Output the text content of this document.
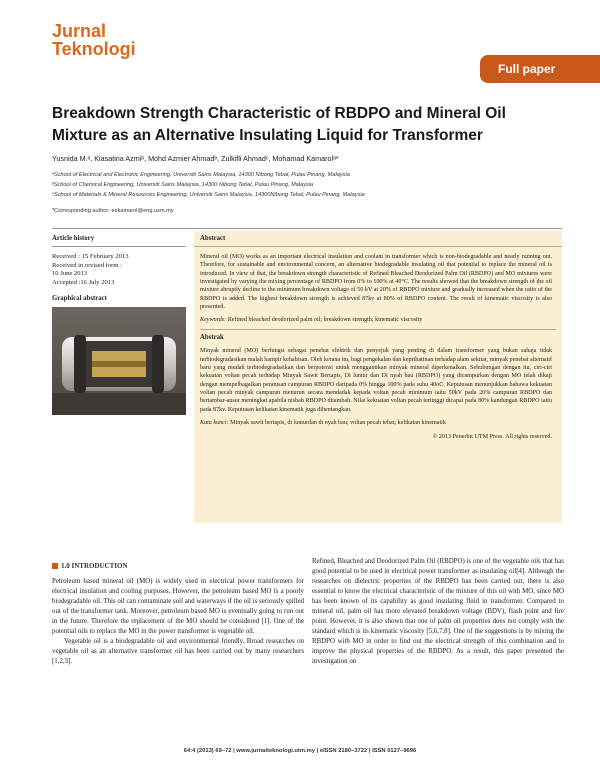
Jurnal
Teknologi
Full paper
Breakdown Strength Characteristic of RBDPO and Mineral Oil Mixture as an Alternative Insulating Liquid for Transformer
Yusnida M.ᵃ, Kiasatina Azmiᵇ, Mohd Azmier Ahmadᵇ, Zulkifli Ahmadᶜ, Mohamad Kamarolᵃ*
ᵃSchool of Electrical and Electronic Engineering, Universiti Sains Malaysia, 14300 Nibong Tebal, Pulau Pinang, Malaysia
ᵇSchool of Chemical Engineering, Universiti Sains Malaysia, 14300 Nibong Tebal, Pulau Pinang, Malaysia
ᶜSchool of Materials & Mineral Resources Engineering, Universiti Sains Malaysia, 14300Nibong Tebal, Pulau Pinang, Malaysia
*Corresponding author: eekamarol@eng.usm.my
Article history
Received : 15 February 2013
Received in revised form :
10 June 2013
Accepted :16 July 2013
Graphical abstract
Abstract
Mineral oil (MO) works as an important electrical insulation and coolant in transformer which is non-biodegradable and nearly running out. Therefore, for sustainable and environmental concern, an alternative biodegradable insulating oil that potential to replace the mineral oil is introduced. In view of that, the breakdown strength characteristic of Refined Bleached Deodorized Palm Oil (RBDPO) and MO mixtures were investigated by varying the mixing percentage of RBDPO from 0% to 100% at 40°C. The results showed that the breakdown strength of the oil mixture abruptly decline to the minimum breakdown voltage of 50 kV at 20% of RBDPO mixture and gradually increased when the ratio of the RBDPO is added. The highest breakdown strength is achieved 87kv at 80% of RBDPO content. The result of kinematic viscosity is also presented.
Keywords: Refined bleached deodorized palm oil; breakdown strength; kinematic viscosity
Abstrak
Minyak mineral (MO) berfungsi sebagai penebat elektrik dan penyejuk yang penting di dalam transformer yang bukan sahaja tidak terbiodegradasikan malah hampir kehabisan. Oleh kerana itu, bagi pengekalan dan keprihatinan terhadap alam sekitar, minyak penebat alternatif baru yang mudah terbiodegradasikan dan berpotensi untuk menggantikan minyak mineral diperkenalkan. Sehubungan dengan itu, ciri-ciri kekuatan voltan pecah terhadap Minyak Sawit Bertapis, Di luntur dan Di nyah bau (RBDPO) yang dicampurkan dengan MO telah dikaji dengan mempelbagaikan peratusan campuran RBDPO daripada 0% hingga 100% pada suhu 40oC. Keputusan menunjukkan bahawa kekuatan voltan pecah minyak campuran menurun secara mendadak kepada voltan pecah minimum iaitu 50kV pada 20% campuran RBDPO dan bertambar-ansur meningkat apabila nisbah RBDPO ditambah. Nilai kekuatan voltan pecah tertinggi dicapai pada 80% kandungan RBDPO iaitu pada 87kv. Keputusan kelikatan kinematik juga dibentangkan.
Kata kunci: Minyak sawit bertapis, di lunturdan di nyah bau; voltan pecah tebat; kelikatan kinematik
© 2013 Penerbit UTM Press. All rights reserved.
1.0 INTRODUCTION

Petroleum based mineral oil (MO) is widely used in electrical power transformers for electrical insulation and cooling purposes. However, the petroleum based MO is a poorly biodegradable oil. This oil can contaminate soil and waterways if the oil is seriously spilled out of the transformer tank. Moreover, petroleum based MO is eventually going to run out in the future. Therefore the replacement of the MO should be considered [1]. One of the potential oils to replace the MO in the power transformer is vegetable oil.

Vegetable oil is a biodegradable oil and environmental friendly. Broad researches on vegetable oil as an alternative transformer oil has been carried out by many researchers [1,2,3].

Refined, Bleached and Deodorized Palm Oil (RBDPO) is one of the vegetable oils that has good potential to be used in electrical power transformer as insulating oil[4]. Although the researches on dielectric properties of the RBDPO has been carried out, there is also essential to know the electrical characteristic of the mixture of this oil with MO, since MO has been known of its capability as good insulating fluid in transformer. Compared to mineral oil, palm oil has more elevated breakdown voltage (BDV), flash point and fire point. However, it is also shown that one of palm oil properties does not comply with the standard which is its kinematic viscosity [5,6,7,8]. One of the suggestions is by mixing the RBDPO with MO in order to find out the electrical strength of this combination and to improve the physical properties of the RBDPO. As a result, this paper presented the investigation on

64:4 (2013) 69–72 | www.jurnalteknologi.utm.my | eISSN 2180–3722 | ISSN 0127–9696
